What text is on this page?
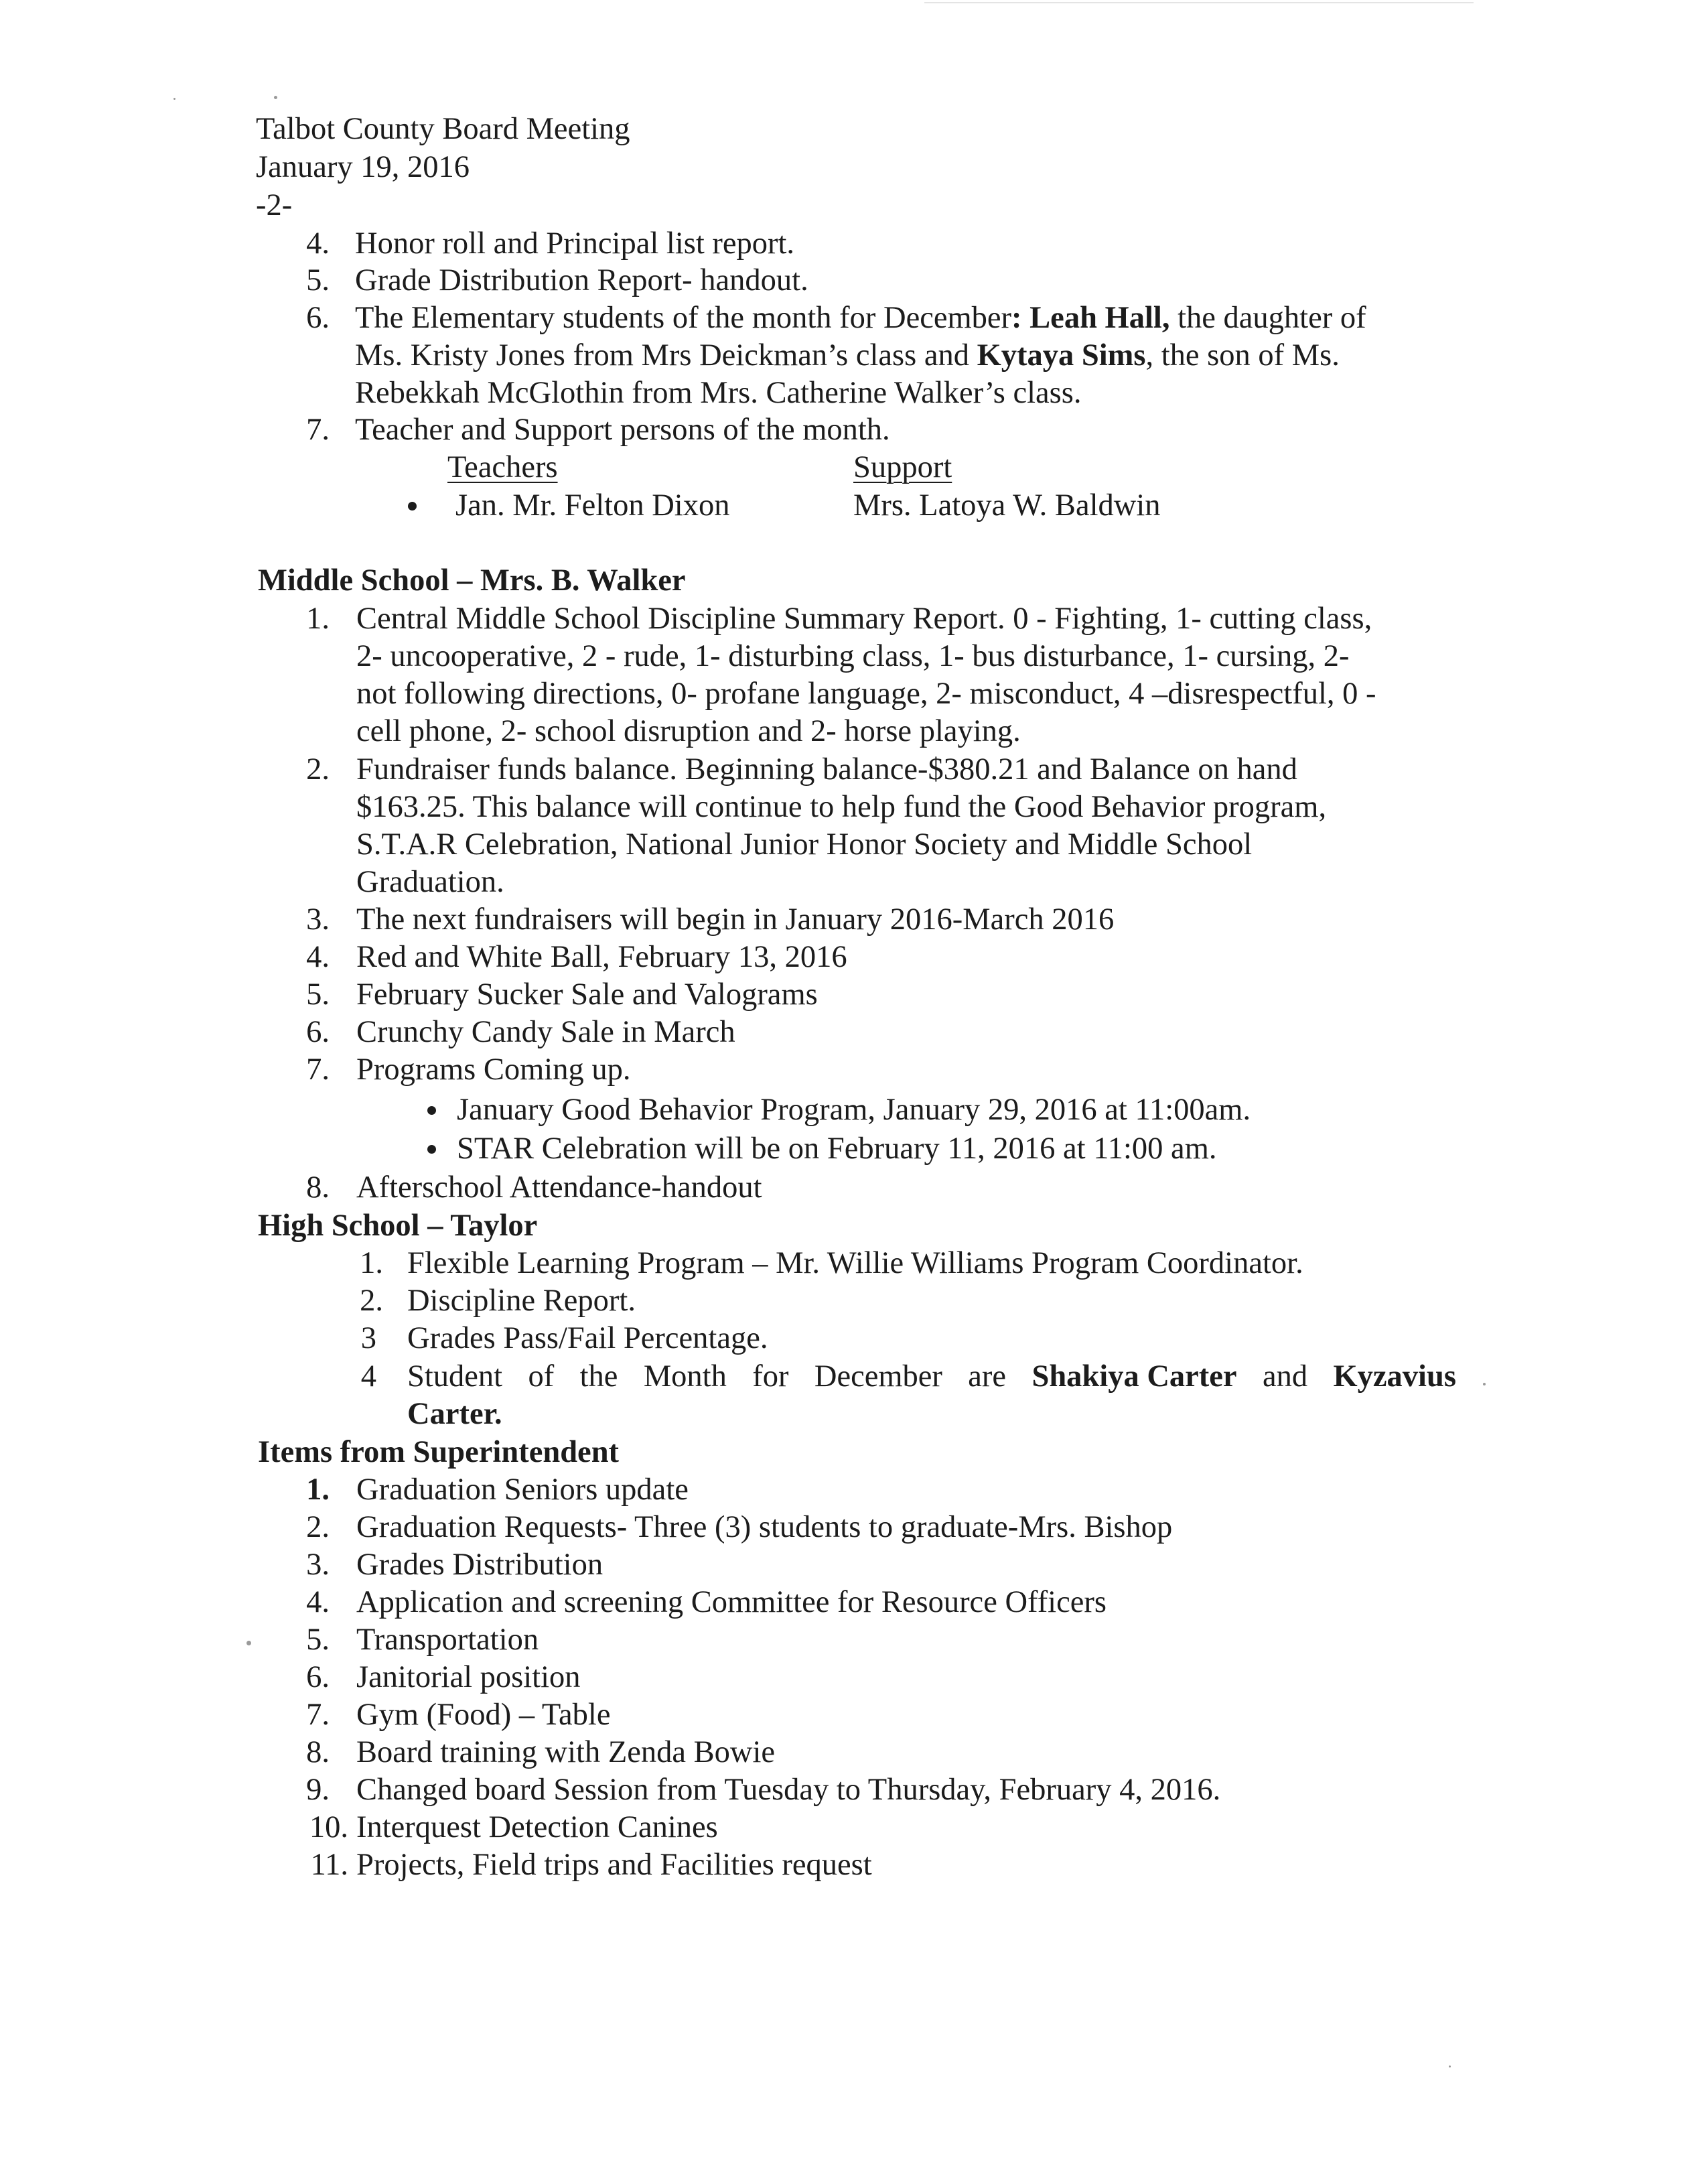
Talbot County Board Meeting
January 19, 2016
-2-
4. Honor roll and Principal list report.
5. Grade Distribution Report- handout.
6. The Elementary students of the month for December: Leah Hall, the daughter of
Ms. Kristy Jones from Mrs Deickman’s class and Kytaya Sims, the son of Ms.
Rebekkah McGlothin from Mrs. Catherine Walker’s class.
7. Teacher and Support persons of the month.
Teachers	Support
Jan. Mr. Felton Dixon	Mrs. Latoya W. Baldwin
Middle School – Mrs. B. Walker
1. Central Middle School Discipline Summary Report. 0 - Fighting, 1- cutting class,
2- uncooperative, 2 - rude, 1- disturbing class, 1- bus disturbance, 1- cursing, 2-
not following directions, 0- profane language, 2- misconduct, 4 –disrespectful, 0 -
cell phone, 2- school disruption and 2- horse playing.
2. Fundraiser funds balance. Beginning balance-$380.21 and Balance on hand
$163.25. This balance will continue to help fund the Good Behavior program,
S.T.A.R Celebration, National Junior Honor Society and Middle School
Graduation.
3. The next fundraisers will begin in January 2016-March 2016
4. Red and White Ball, February 13, 2016
5. February Sucker Sale and Valograms
6. Crunchy Candy Sale in March
7. Programs Coming up.
January Good Behavior Program, January 29, 2016 at 11:00am.
STAR Celebration will be on February 11, 2016 at 11:00 am.
8. Afterschool Attendance-handout
High School – Taylor
1. Flexible Learning Program – Mr. Willie Williams Program Coordinator.
2. Discipline Report.
3 Grades Pass/Fail Percentage.
4 Student of the Month for December are Shakiya Carter and Kyzavius
Carter.
Items from Superintendent
1. Graduation Seniors update
2. Graduation Requests- Three (3) students to graduate-Mrs. Bishop
3. Grades Distribution
4. Application and screening Committee for Resource Officers
5. Transportation
6. Janitorial position
7. Gym (Food) – Table
8. Board training with Zenda Bowie
9. Changed board Session from Tuesday to Thursday, February 4, 2016.
10. Interquest Detection Canines
11. Projects, Field trips and Facilities request
